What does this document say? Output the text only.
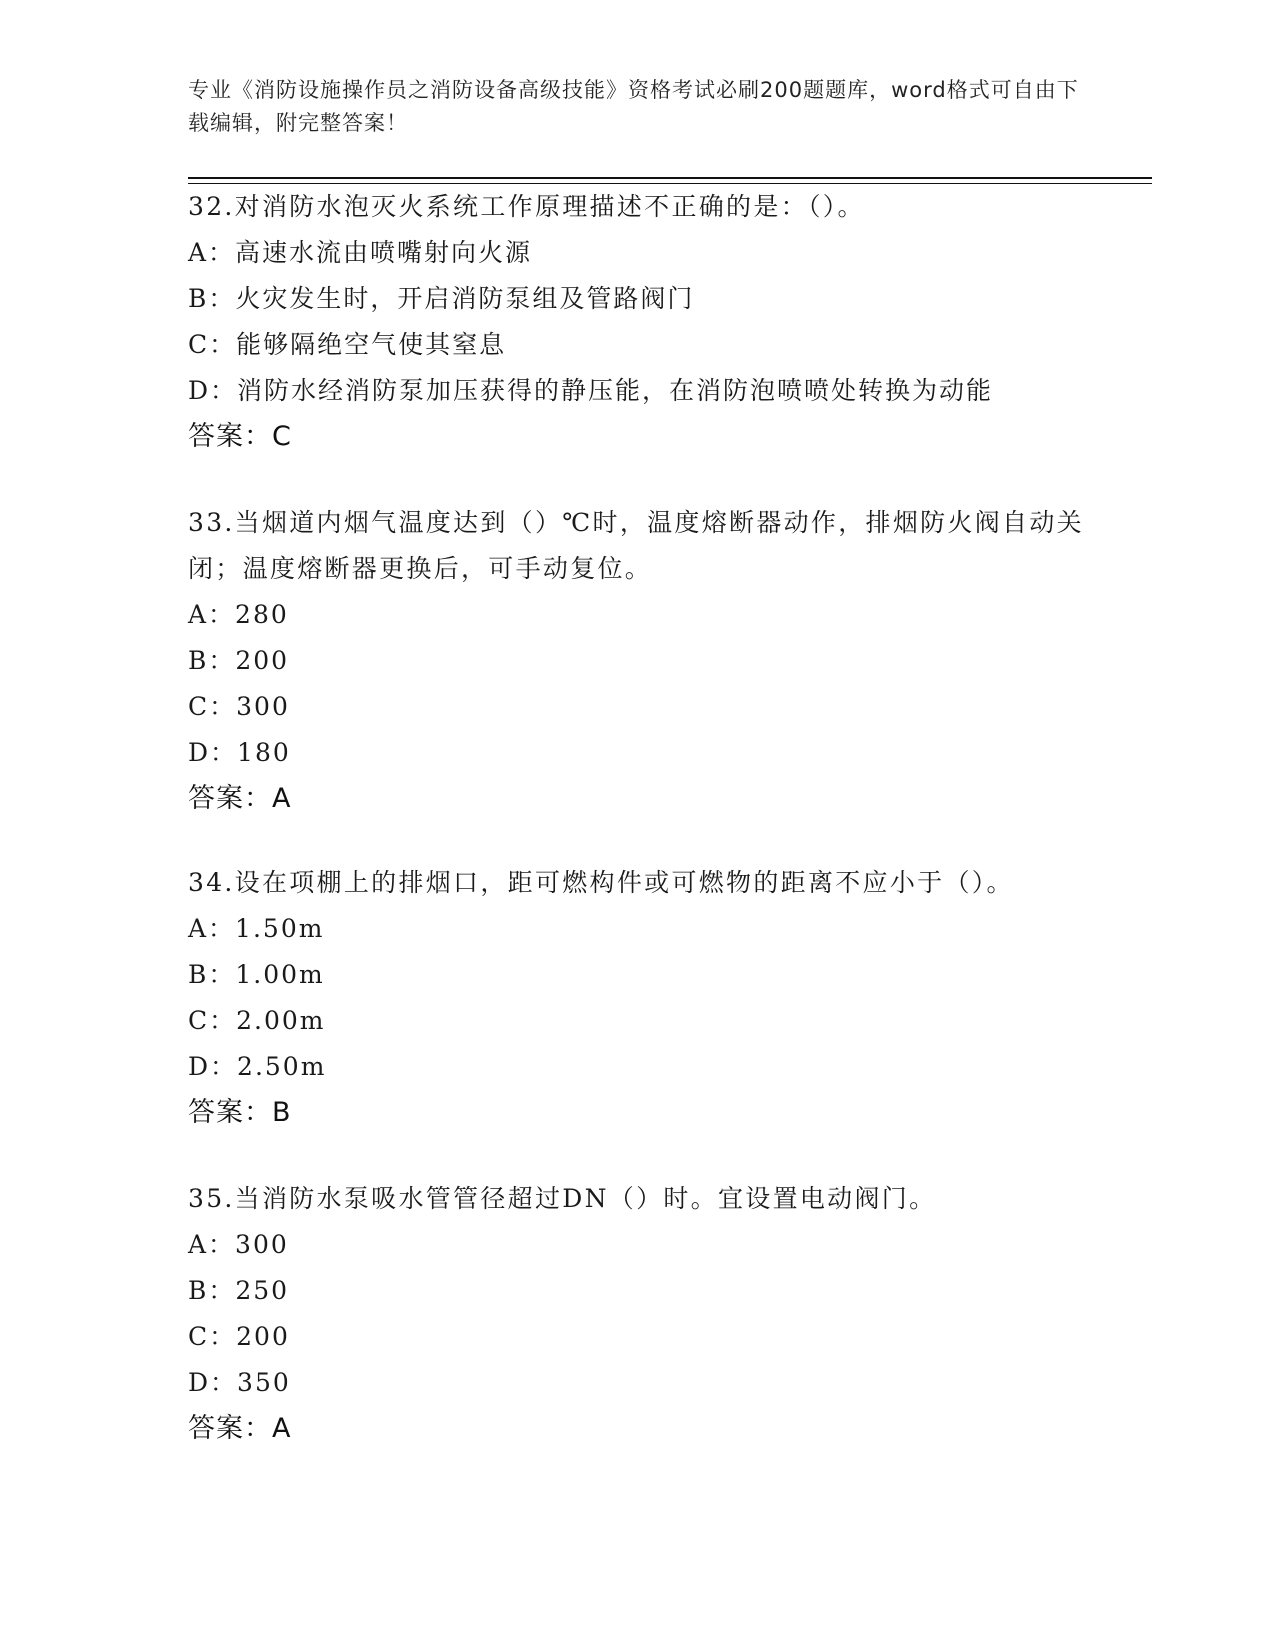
专业《消防设施操作员之消防设备高级技能》资格考试必刷200题题库，word格式可自由下载编辑，附完整答案！

32.对消防水泡灭火系统工作原理描述不正确的是：（）。

A：高速水流由喷嘴射向火源

B：火灾发生时，开启消防泵组及管路阀门

C：能够隔绝空气使其窒息

D：消防水经消防泵加压获得的静压能，在消防泡喷喷处转换为动能

答案：C

33.当烟道内烟气温度达到（）℃时，温度熔断器动作，排烟防火阀自动关闭；温度熔断器更换后，可手动复位。

A：280

B：200

C：300

D：180

答案：A

34.设在项棚上的排烟口，距可燃构件或可燃物的距离不应小于（）。

A：1.50m

B：1.00m

C：2.00m

D：2.50m

答案：B

35.当消防水泵吸水管管径超过DN（）时。宜设置电动阀门。

A：300

B：250

C：200

D：350

答案：A
